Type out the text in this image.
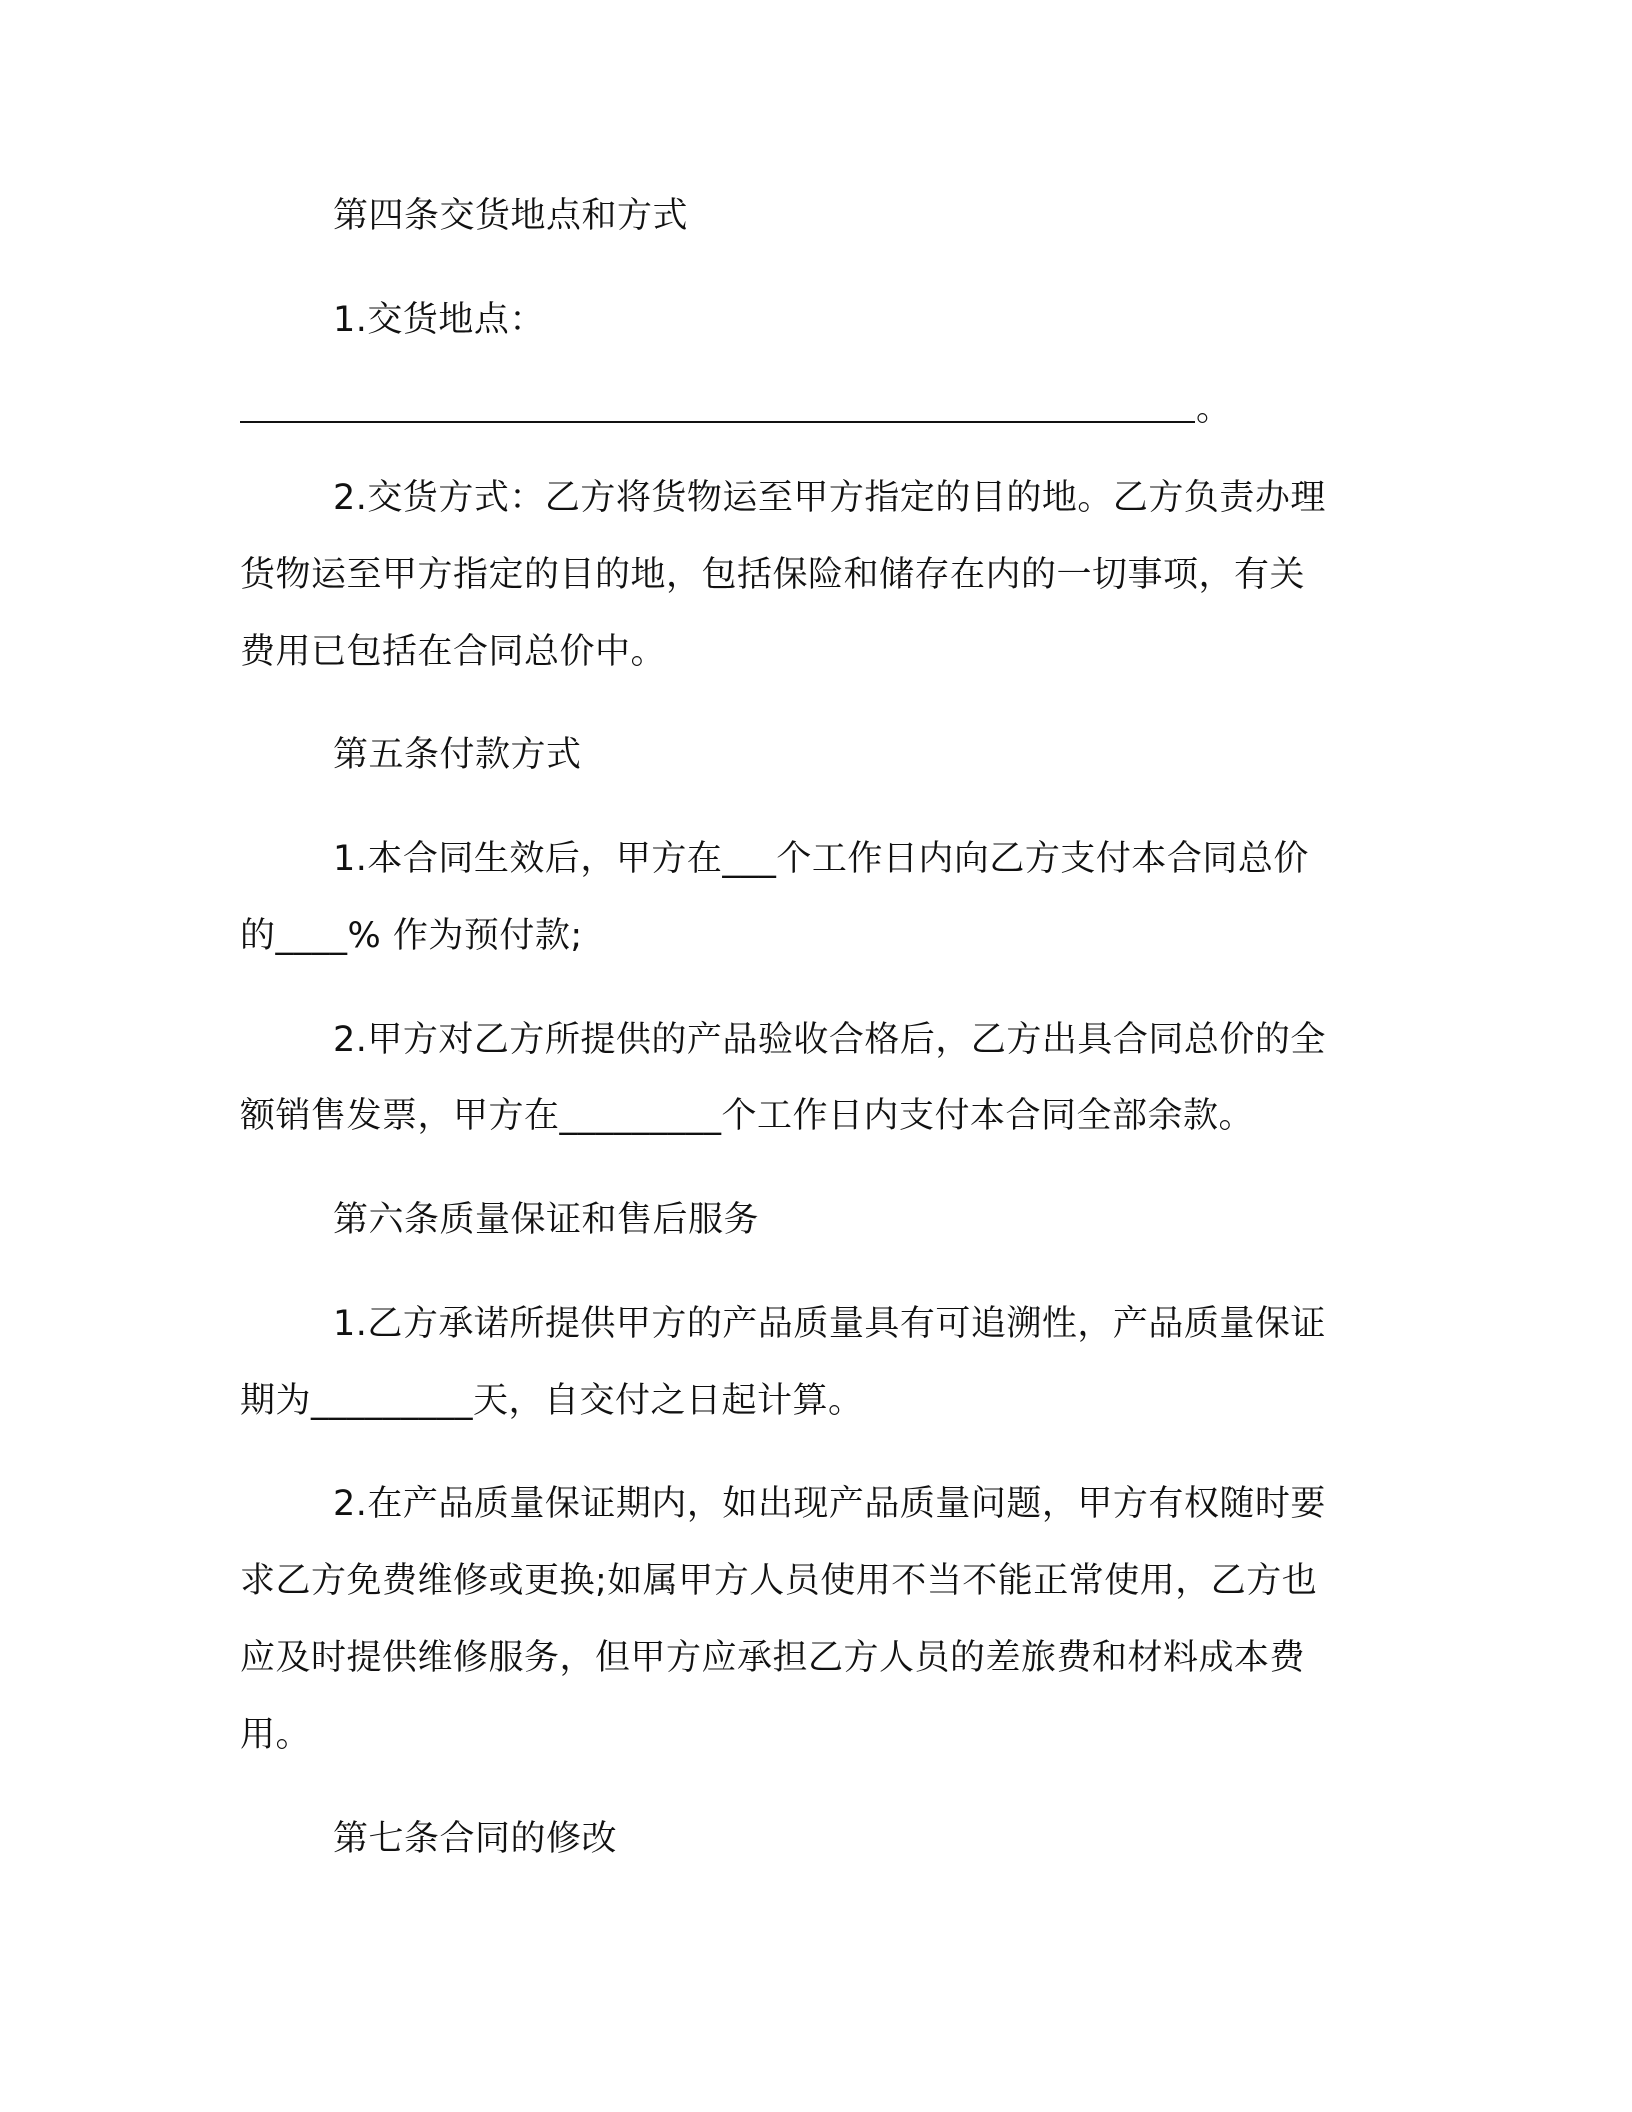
第四条交货地点和方式
1.交货地点：
。
2.交货方式：乙方将货物运至甲方指定的目的地。乙方负责办理
货物运至甲方指定的目的地，包括保险和储存在内的一切事项，有关
费用已包括在合同总价中。
第五条付款方式
1.本合同生效后，甲方在___个工作日内向乙方支付本合同总价
的____% 作为预付款;
2.甲方对乙方所提供的产品验收合格后，乙方出具合同总价的全
额销售发票，甲方在_________个工作日内支付本合同全部余款。
第六条质量保证和售后服务
1.乙方承诺所提供甲方的产品质量具有可追溯性，产品质量保证
期为_________天，自交付之日起计算。
2.在产品质量保证期内，如出现产品质量问题，甲方有权随时要
求乙方免费维修或更换;如属甲方人员使用不当不能正常使用，乙方也
应及时提供维修服务，但甲方应承担乙方人员的差旅费和材料成本费
用。
第七条合同的修改
